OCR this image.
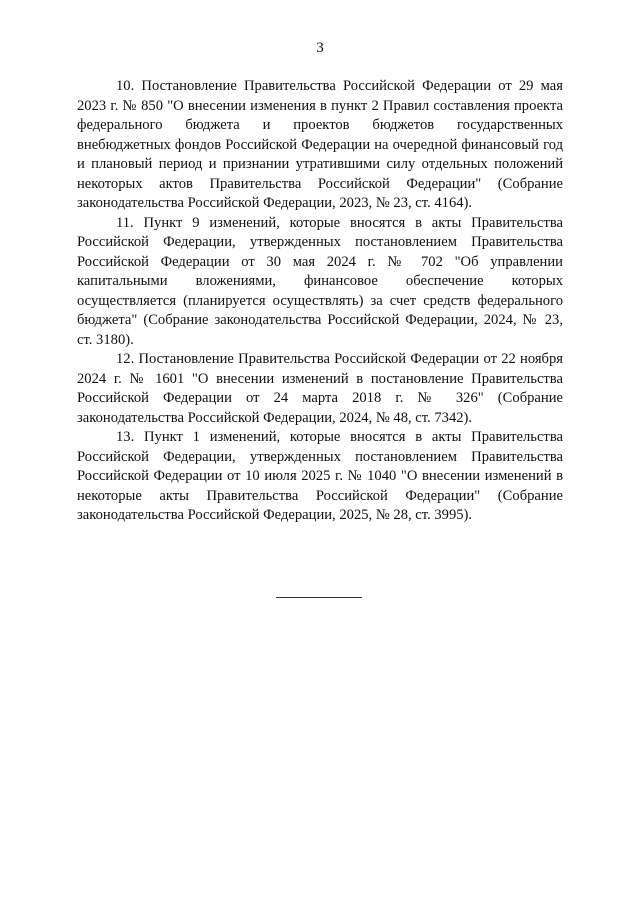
3

10. Постановление Правительства Российской Федерации от 29 мая 2023 г. № 850 "О внесении изменения в пункт 2 Правил составления проекта федерального бюджета и проектов бюджетов государственных внебюджетных фондов Российской Федерации на очередной финансовый год и плановый период и признании утратившими силу отдельных положений некоторых актов Правительства Российской Федерации" (Собрание законодательства Российской Федерации, 2023, № 23, ст. 4164).

11. Пункт 9 изменений, которые вносятся в акты Правительства Российской Федерации, утвержденных постановлением Правительства Российской Федерации от 30 мая 2024 г. № 702 "Об управлении капитальными вложениями, финансовое обеспечение которых осуществляется (планируется осуществлять) за счет средств федерального бюджета" (Собрание законодательства Российской Федерации, 2024, № 23, ст. 3180).

12. Постановление Правительства Российской Федерации от 22 ноября 2024 г. № 1601 "О внесении изменений в постановление Правительства Российской Федерации от 24 марта 2018 г. № 326" (Собрание законодательства Российской Федерации, 2024, № 48, ст. 7342).

13. Пункт 1 изменений, которые вносятся в акты Правительства Российской Федерации, утвержденных постановлением Правительства Российской Федерации от 10 июля 2025 г. № 1040 "О внесении изменений в некоторые акты Правительства Российской Федерации" (Собрание законодательства Российской Федерации, 2025, № 28, ст. 3995).
